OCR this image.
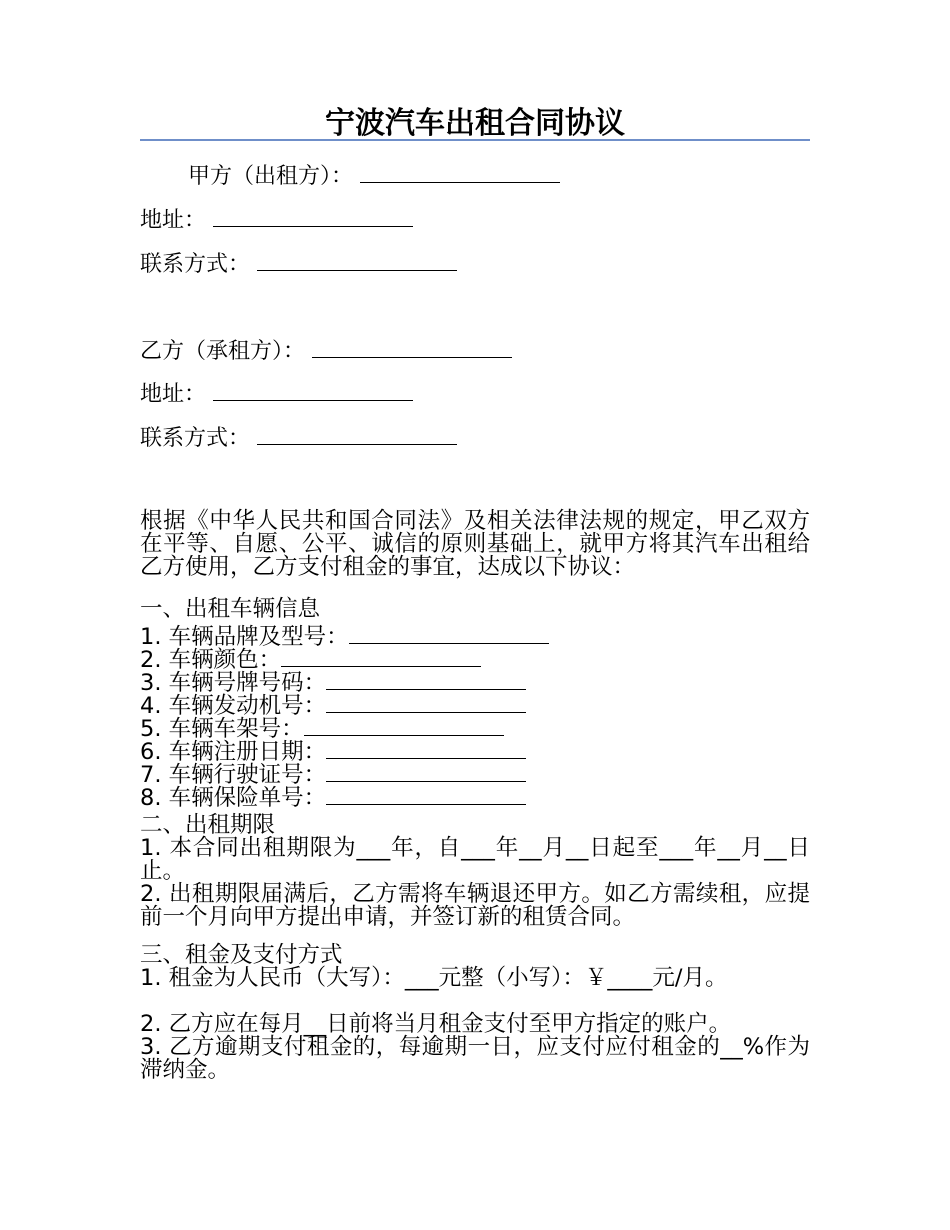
宁波汽车出租合同协议
甲方（出租方）：
地址：
联系方式：
乙方（承租方）：
地址：
联系方式：
根据《中华人民共和国合同法》及相关法律法规的规定，甲乙双方在平等、自愿、公平、诚信的原则基础上，就甲方将其汽车出租给乙方使用，乙方支付租金的事宜，达成以下协议：
一、出租车辆信息
1. 车辆品牌及型号：
2. 车辆颜色：
3. 车辆号牌号码：
4. 车辆发动机号：
5. 车辆车架号：
6. 车辆注册日期：
7. 车辆行驶证号：
8. 车辆保险单号：
二、出租期限
1. 本合同出租期限为___年，自___年__月__日起至___年__月__日止。
2. 出租期限届满后，乙方需将车辆退还甲方。如乙方需续租，应提前一个月向甲方提出申请，并签订新的租赁合同。
三、租金及支付方式
1. 租金为人民币（大写）：___元整（小写）：￥____元/月。
2. 乙方应在每月__日前将当月租金支付至甲方指定的账户。
3. 乙方逾期支付租金的，每逾期一日，应支付应付租金的__%作为滞纳金。
